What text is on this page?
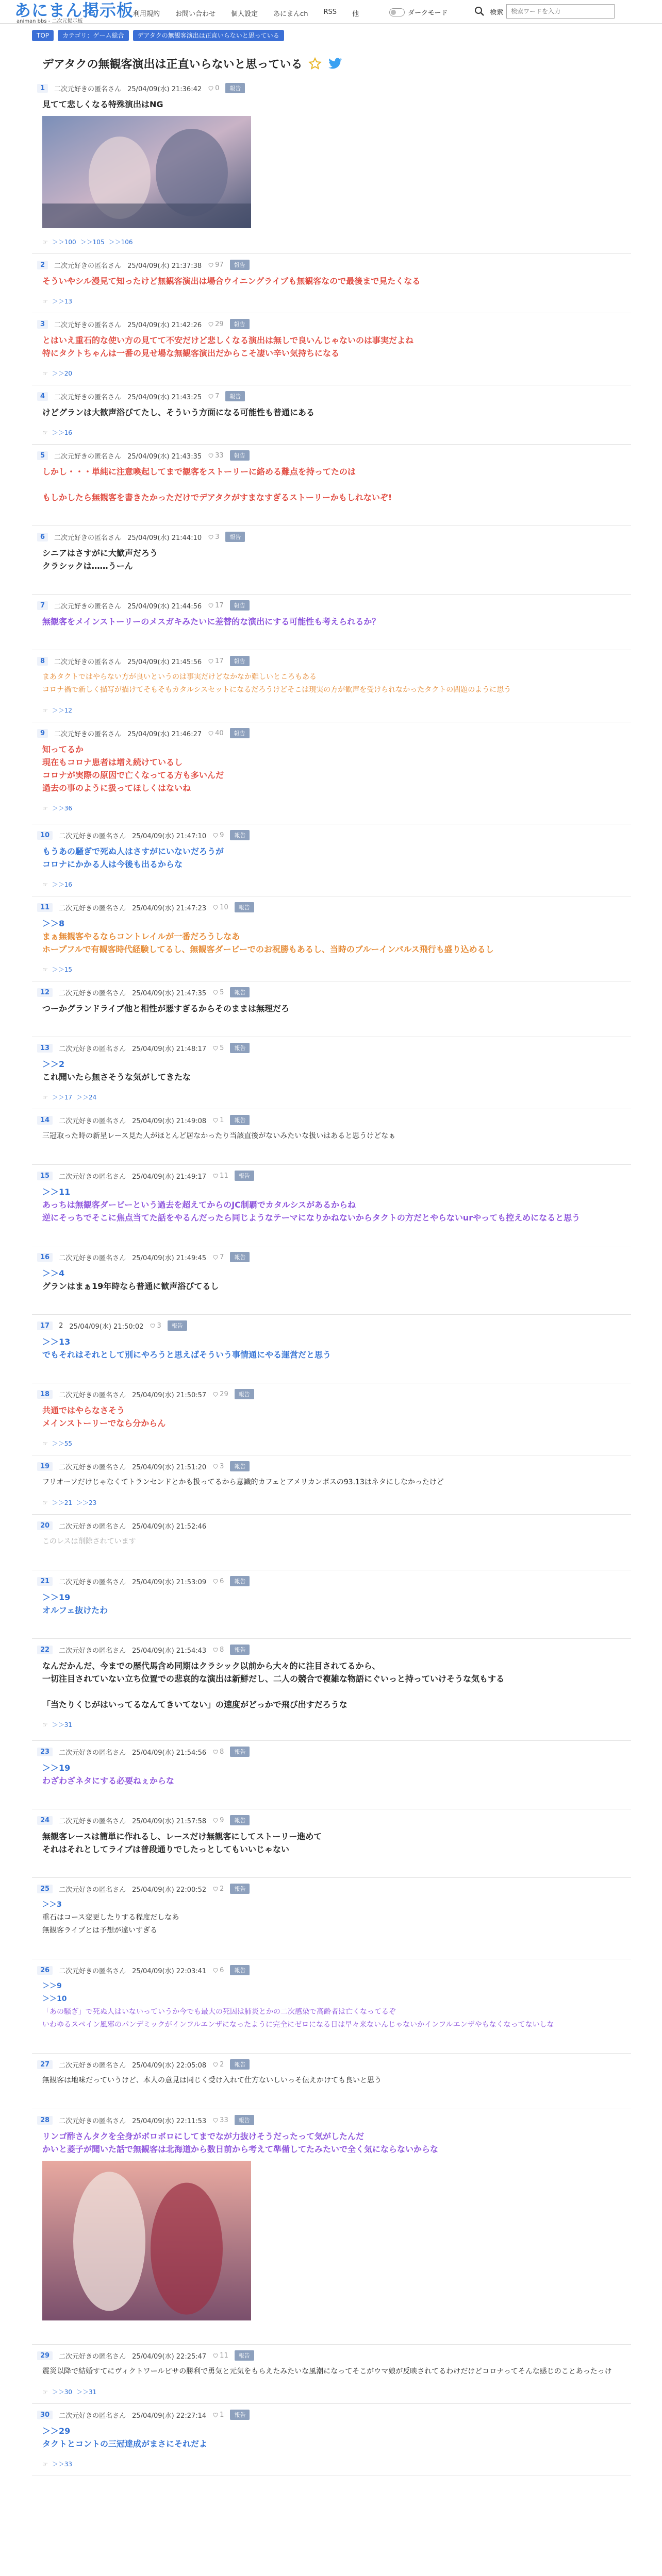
あにまん掲示板
animan bbs - 二次元掲示板
利用規約 お問い合わせ 個人設定 あにまんch RSS 他	ダークモード	検索
検索ワードを入力
TOP	カテゴリ：ゲーム総合	デアタクの無観客演出は正直いらないと思っている
デアタクの無観客演出は正直いらないと思っている
1	二次元好きの匿名さん 25/04/09(水) 21:36:42 0	報告
見てて悲しくなる特殊演出はNG
☞ ＞＞100 ＞＞105 ＞＞106
2	二次元好きの匿名さん 25/04/09(水) 21:37:38 97	報告
そういやシル漫見て知ったけど無観客演出は場合ウイニングライブも無観客なので最後まで見たくなる
☞ ＞＞13
3	二次元好きの匿名さん 25/04/09(水) 21:42:26 29	報告
とはいえ重石的な使い方の見てて不安だけど悲しくなる演出は無しで良いんじゃないのは事実だよね
特にタクトちゃんは一番の見せ場な無観客演出だからこそ凄い辛い気持ちになる
☞ ＞＞20
4	二次元好きの匿名さん 25/04/09(水) 21:43:25 7	報告
けどグランは大歓声浴びてたし、そういう方面になる可能性も普通にある
☞ ＞＞16
5	二次元好きの匿名さん 25/04/09(水) 21:43:35 33	報告
しかし・・・単純に注意喚起してまで観客をストーリーに絡める難点を持ってたのは
もしかしたら無観客を書きたかっただけでデアタクがすまなすぎるストーリーかもしれないぞ!
6	二次元好きの匿名さん 25/04/09(水) 21:44:10 3	報告
シニアはさすがに大歓声だろう
クラシックは……うーん
7	二次元好きの匿名さん 25/04/09(水) 21:44:56 17	報告
無観客をメインストーリーのメスガキみたいに差替的な演出にする可能性も考えられるか？
8	二次元好きの匿名さん 25/04/09(水) 21:45:56 17	報告
まあタクトではやらない方が良いというのは事実だけどなかなか難しいところもある
コロナ禍で新しく描写が描けてそもそもカタルシスセットになるだろうけどそこは現実の方が歓声を受けられなかったタクトの問題のように思う
☞ ＞＞12
9	二次元好きの匿名さん 25/04/09(水) 21:46:27 40	報告
知ってるか
現在もコロナ患者は増え続けているし
コロナが実際の原因で亡くなってる方も多いんだ
過去の事のように扱ってほしくはないね
☞ ＞＞36
10	二次元好きの匿名さん 25/04/09(水) 21:47:10 9	報告
もうあの騒ぎで死ぬ人はさすがにいないだろうが
コロナにかかる人は今後も出るからな
☞ ＞＞16
11	二次元好きの匿名さん 25/04/09(水) 21:47:23 10	報告
＞＞8
まぁ無観客やるならコントレイルが一番だろうしなあ
ホープフルで有観客時代経験してるし、無観客ダービーでのお祝勝もあるし、当時のブルーインパルス飛行も盛り込めるし
☞ ＞＞15
12	二次元好きの匿名さん 25/04/09(水) 21:47:35 5	報告
つーかグランドライブ他と相性が悪すぎるからそのままは無理だろ
13	二次元好きの匿名さん 25/04/09(水) 21:48:17 5	報告
＞＞2
これ聞いたら無さそうな気がしてきたな
☞ ＞＞17 ＞＞24
14	二次元好きの匿名さん 25/04/09(水) 21:49:08 1	報告
三冠取った時の新星レース見た人がほとんど居なかったり当該直後がないみたいな扱いはあると思うけどなぁ
15	二次元好きの匿名さん 25/04/09(水) 21:49:17 11	報告
＞＞11
あっちは無観客ダービーという過去を超えてからのJC制覇でカタルシスがあるからね
逆にそっちでそこに焦点当てた話をやるんだったら同じようなテーマになりかねないからタクトの方だとやらないurやっても控えめになると思う
16	二次元好きの匿名さん 25/04/09(水) 21:49:45 7	報告
＞＞4
グランはまぁ19年時なら普通に歓声浴びてるし
17	2 25/04/09(水) 21:50:02 3	報告
＞＞13
でもそれはそれとして別にやろうと思えばそういう事情通にやる運営だと思う
18	二次元好きの匿名さん 25/04/09(水) 21:50:57 29	報告
共通ではやらなさそう
メインストーリーでなら分からん
☞ ＞＞55
19	二次元好きの匿名さん 25/04/09(水) 21:51:20 3	報告
フリオーソだけじゃなくてトランセンドとかも扱ってるから意識的カフェとアメリカンボスの93.13はネタにしなかったけど
☞ ＞＞21 ＞＞23
20	二次元好きの匿名さん 25/04/09(水) 21:52:46
このレスは削除されています
21	二次元好きの匿名さん 25/04/09(水) 21:53:09 6	報告
＞＞19
オルフェ抜けたわ
22	二次元好きの匿名さん 25/04/09(水) 21:54:43 8	報告
なんだかんだ、今までの歴代馬含め同期はクラシック以前から大々的に注目されてるから、
一切注目されていない立ち位置での悲哀的な演出は新鮮だし、二人の競合で複雑な物語にぐいっと持っていけそうな気もする
「当たりくじがはいってるなんてきいてない」の速度がどっかで飛び出すだろうな
☞ ＞＞31
23	二次元好きの匿名さん 25/04/09(水) 21:54:56 8	報告
＞＞19
わざわざネタにする必要ねぇからな
24	二次元好きの匿名さん 25/04/09(水) 21:57:58 9	報告
無観客レースは簡単に作れるし、レースだけ無観客にしてストーリー進めて
それはそれとしてライブは普段通りでしたっとしてもいいじゃない
25	二次元好きの匿名さん 25/04/09(水) 22:00:52 2	報告
＞＞3
重石はコース変更したりする程度だしなあ
無観客ライブとは予想が違いすぎる
26	二次元好きの匿名さん 25/04/09(水) 22:03:41 6	報告
＞＞9
＞＞10
「あの騒ぎ」で死ぬ人はいないっていうか今でも最大の死因は肺炎とかの二次感染で高齢者は亡くなってるぞ
いわゆるスペイン風邪のパンデミックがインフルエンザになったように完全にゼロになる日は早々来ないんじゃないかインフルエンザやもなくなってないしな
27	二次元好きの匿名さん 25/04/09(水) 22:05:08 2	報告
無観客は地味だっていうけど、本人の意見は同じく受け入れて仕方ないしいっそ伝えかけても良いと思う
28	二次元好きの匿名さん 25/04/09(水) 22:11:53 33	報告
リンゴ酢さんタクを全身がボロボロにしてまでなが力抜けそうだったって気がしたんだ
かいと菱子が聞いた話で無観客は北海道から数日前から考えて準備してたみたいで全く気にならないからな
29	二次元好きの匿名さん 25/04/09(水) 22:25:47 11	報告
震災以降で結婚すてにヴィクトワールピサの勝利で勇気と元気をもらえたみたいな風潮になってそこがウマ娘が反映されてるわけだけどコロナってそんな感じのことあったっけ
☞ ＞＞30 ＞＞31
30	二次元好きの匿名さん 25/04/09(水) 22:27:14 1	報告
＞＞29
タクトとコントの三冠達成がまさにそれだよ
☞ ＞＞33
